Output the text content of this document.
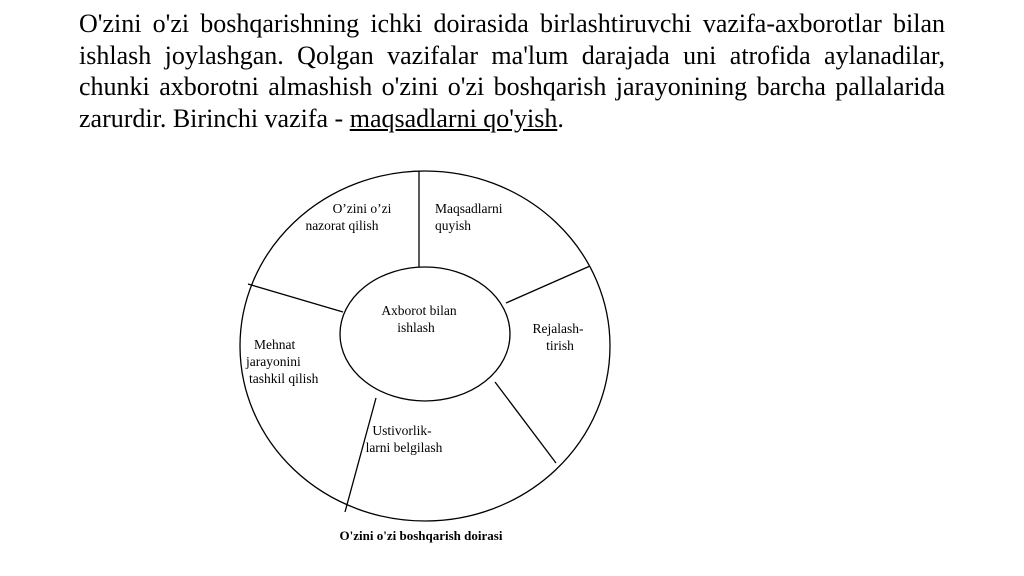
O'zini o'zi boshqarishning ichki doirasida birlashtiruvchi vazifa-axborotlar bilan ishlash joylashgan. Qolgan vazifalar ma'lum darajada uni atrofida aylanadilar, chunki axborotni almashish o'zini o'zi boshqarish jarayonining barcha pallalarida zarurdir. Birinchi vazifa - maqsadlarni qo'yish.

Axborot bilan
ishlash
O’zini o’zi
nazorat qilish
Maqsadlarni
quyish
Rejalash-
tirish
Ustivorlik-
larni belgilash
Mehnat
jarayonini
tashkil qilish
O'zini o'zi boshqarish doirasi
